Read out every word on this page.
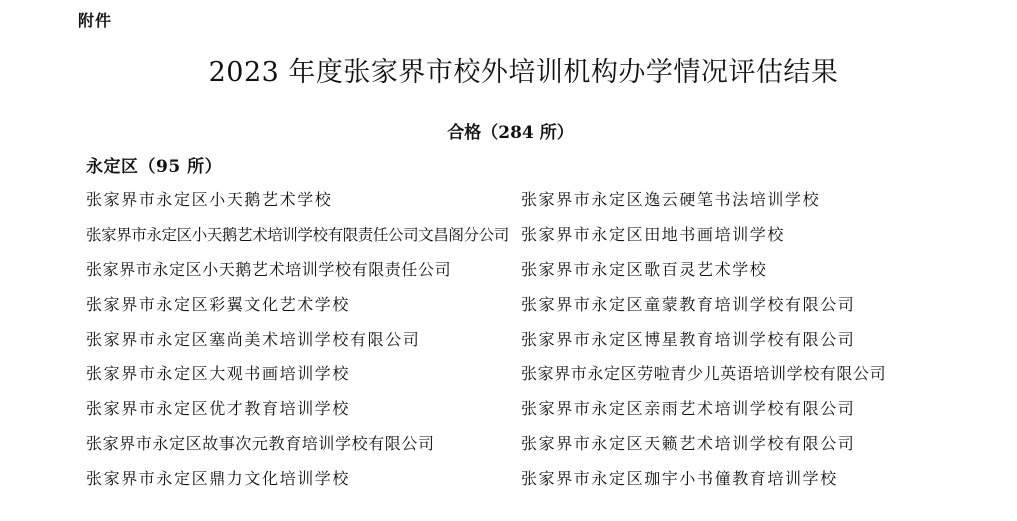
附件
2023 年度张家界市校外培训机构办学情况评估结果
合格（284 所）
永定区（95 所）
张家界市永定区小天鹅艺术学校
张家界市永定区小天鹅艺术培训学校有限责任公司文昌阁分公司
张家界市永定区小天鹅艺术培训学校有限责任公司
张家界市永定区彩翼文化艺术学校
张家界市永定区塞尚美术培训学校有限公司
张家界市永定区大观书画培训学校
张家界市永定区优才教育培训学校
张家界市永定区故事次元教育培训学校有限公司
张家界市永定区鼎力文化培训学校
张家界市永定区逸云硬笔书法培训学校
张家界市永定区田地书画培训学校
张家界市永定区歌百灵艺术学校
张家界市永定区童蒙教育培训学校有限公司
张家界市永定区博星教育培训学校有限公司
张家界市永定区劳啦青少儿英语培训学校有限公司
张家界市永定区亲雨艺术培训学校有限公司
张家界市永定区天籁艺术培训学校有限公司
张家界市永定区珈宇小书僮教育培训学校
